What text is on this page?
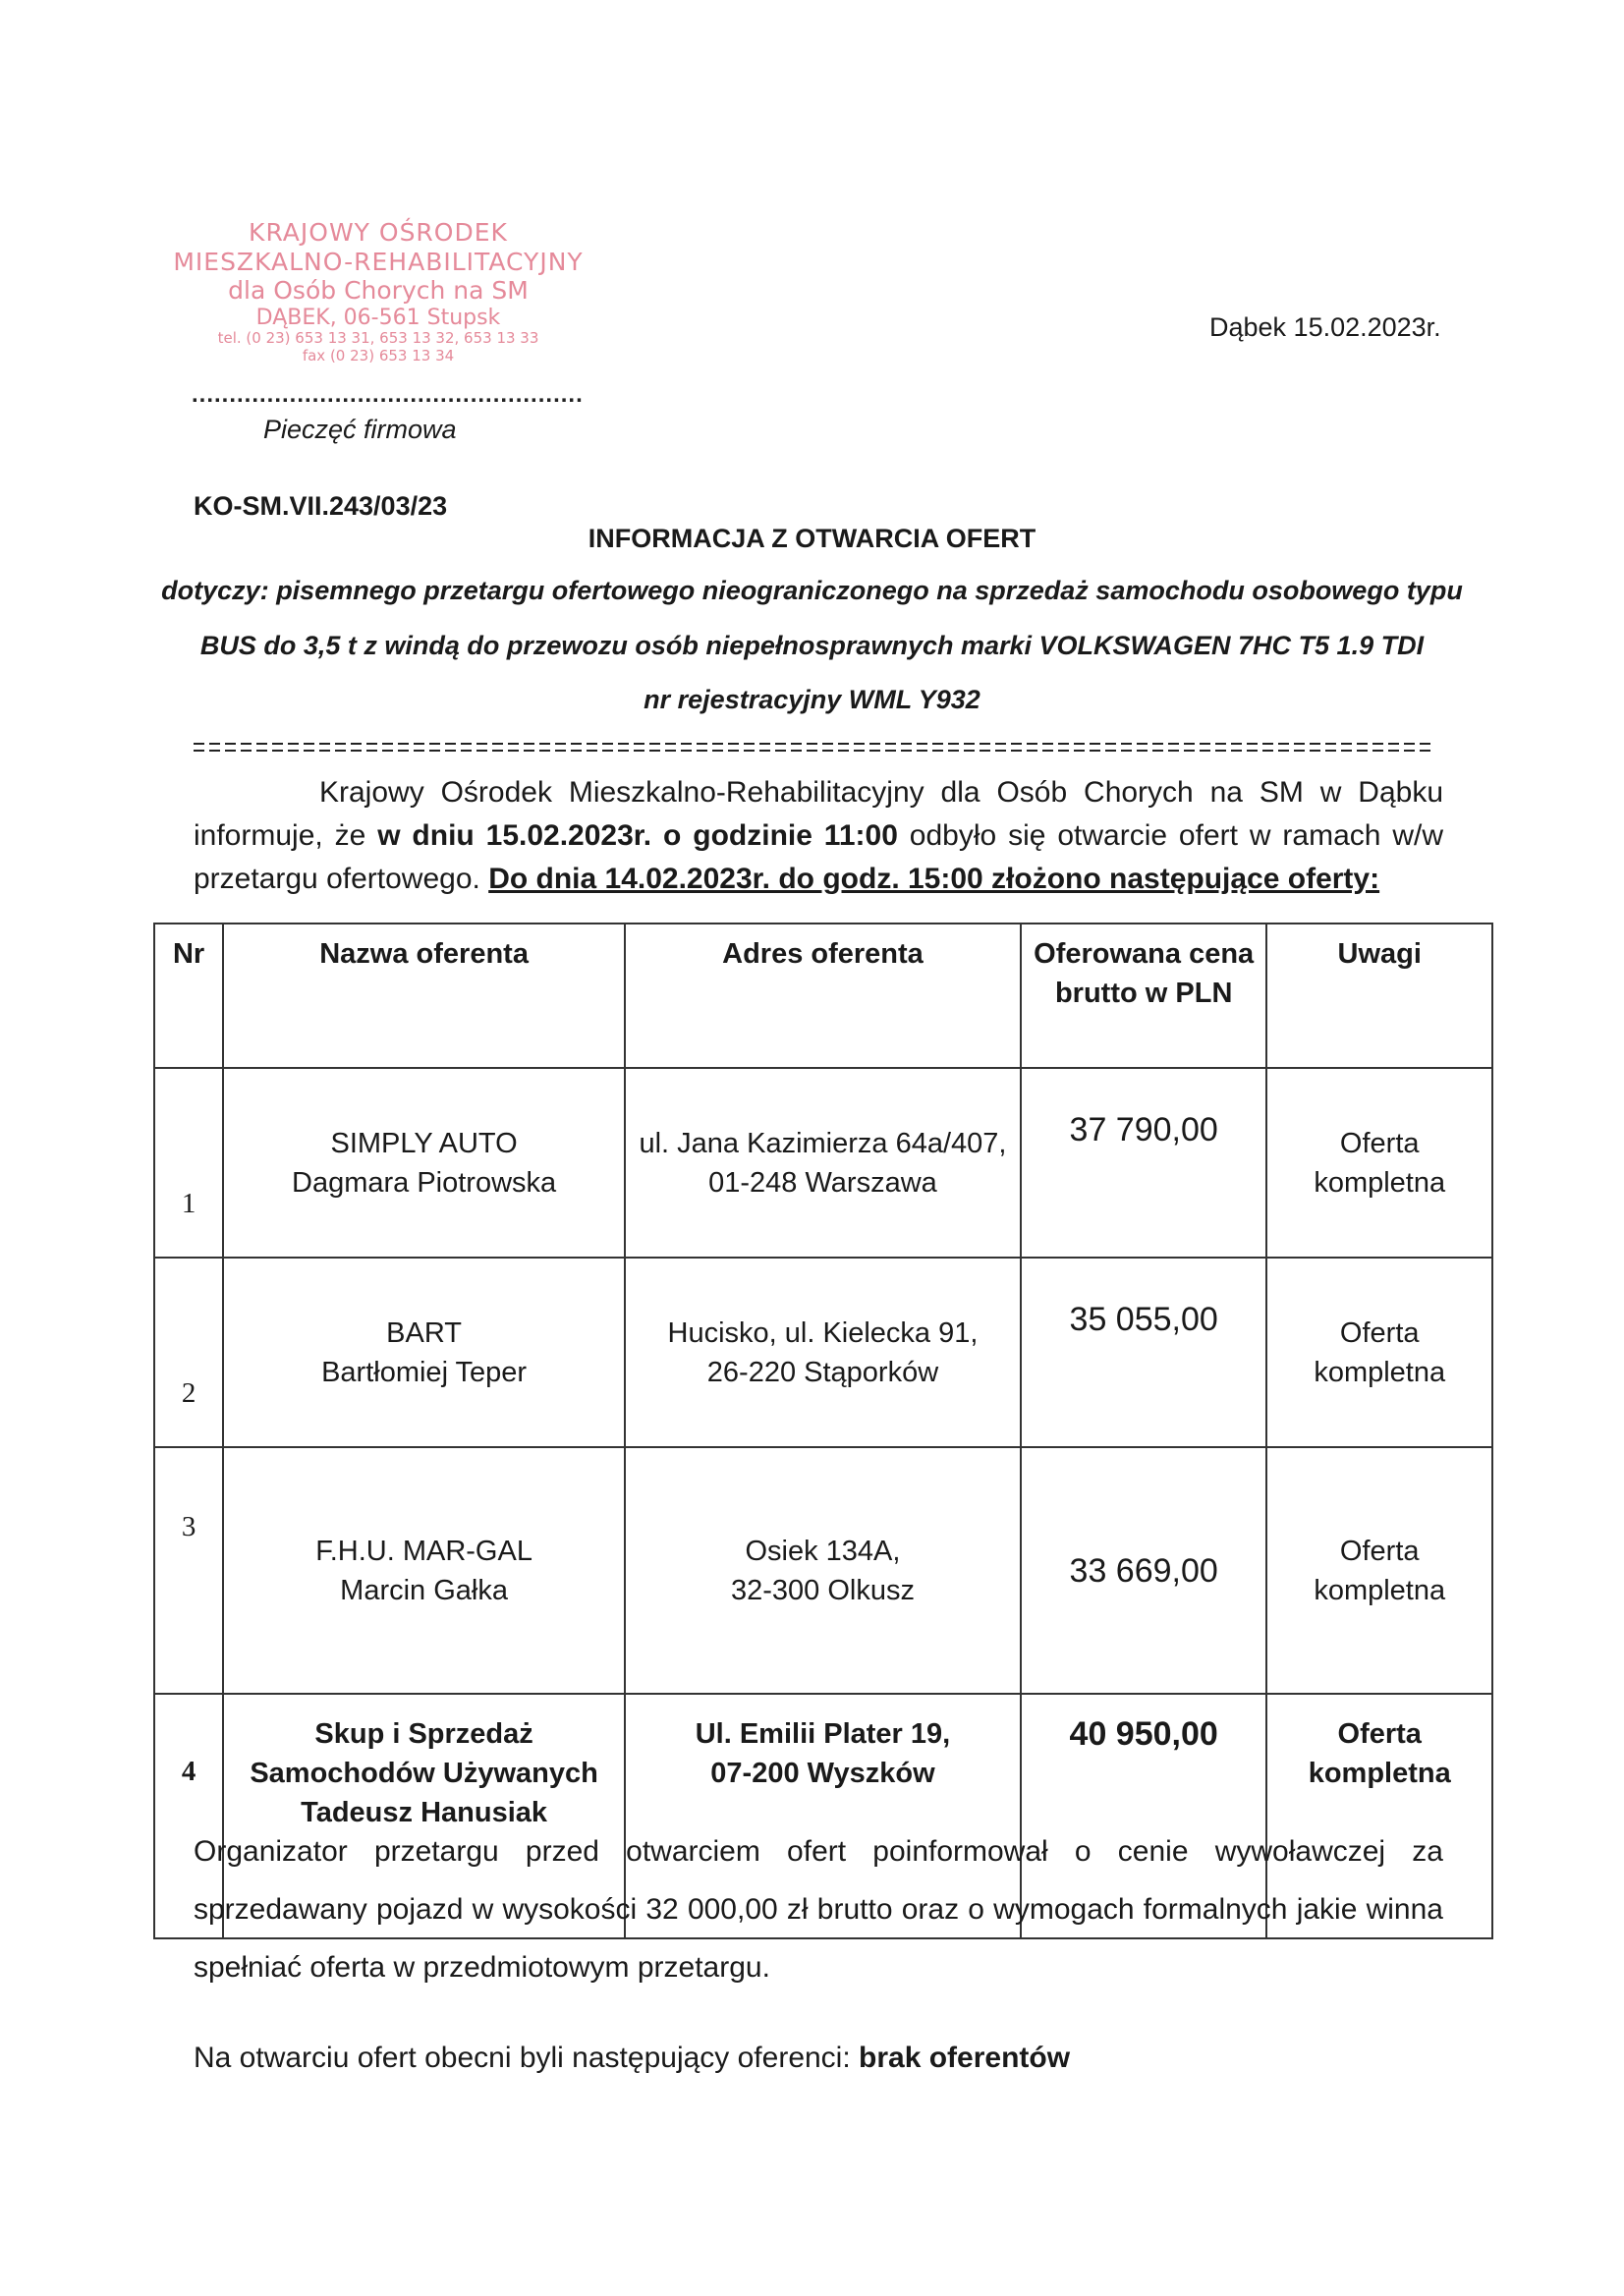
KRAJOWY OŚRODEK
MIESZKALNO-REHABILITACYJNY
dla Osób Chorych na SM
DĄBEK, 06-561 Stupsk
tel. (0 23) 653 13 31, 653 13 32, 653 13 33
fax (0 23) 653 13 34
....................................................
Pieczęć firmowa
Dąbek 15.02.2023r.
KO-SM.VII.243/03/23
INFORMACJA Z OTWARCIA OFERT
dotyczy: pisemnego przetargu ofertowego nieograniczonego na sprzedaż samochodu osobowego typu
BUS do 3,5 t z windą do przewozu osób niepełnosprawnych marki VOLKSWAGEN 7HC T5 1.9 TDI
nr rejestracyjny WML Y932
Krajowy Ośrodek Mieszkalno-Rehabilitacyjny dla Osób Chorych na SM w Dąbku informuje, że w dniu 15.02.2023r. o godzinie 11:00 odbyło się otwarcie ofert w ramach w/w przetargu ofertowego. Do dnia 14.02.2023r. do godz. 15:00 złożono następujące oferty:
Nr	Nazwa oferenta	Adres oferenta	Oferowana cena
brutto w PLN	Uwagi
1	SIMPLY AUTO
Dagmara Piotrowska	ul. Jana Kazimierza 64a/407,
01-248 Warszawa	37 790,00	Oferta
kompletna

2	BART
Bartłomiej Teper	Hucisko, ul. Kielecka 91,
26-220 Stąporków	35 055,00	Oferta
kompletna

3	F.H.U. MAR-GAL
Marcin Gałka	Osiek 134A,
32-300 Olkusz	33 669,00	Oferta
kompletna

4	Skup i Sprzedaż
Samochodów Używanych
Tadeusz Hanusiak	Ul. Emilii Plater 19,
07-200 Wyszków	40 950,00	Oferta
kompletna
Organizator przetargu przed otwarciem ofert poinformował o cenie wywoławczej za sprzedawany pojazd w wysokości 32 000,00 zł brutto oraz o wymogach formalnych jakie winna spełniać oferta w przedmiotowym przetargu.
Na otwarciu ofert obecni byli następujący oferenci: brak oferentów
